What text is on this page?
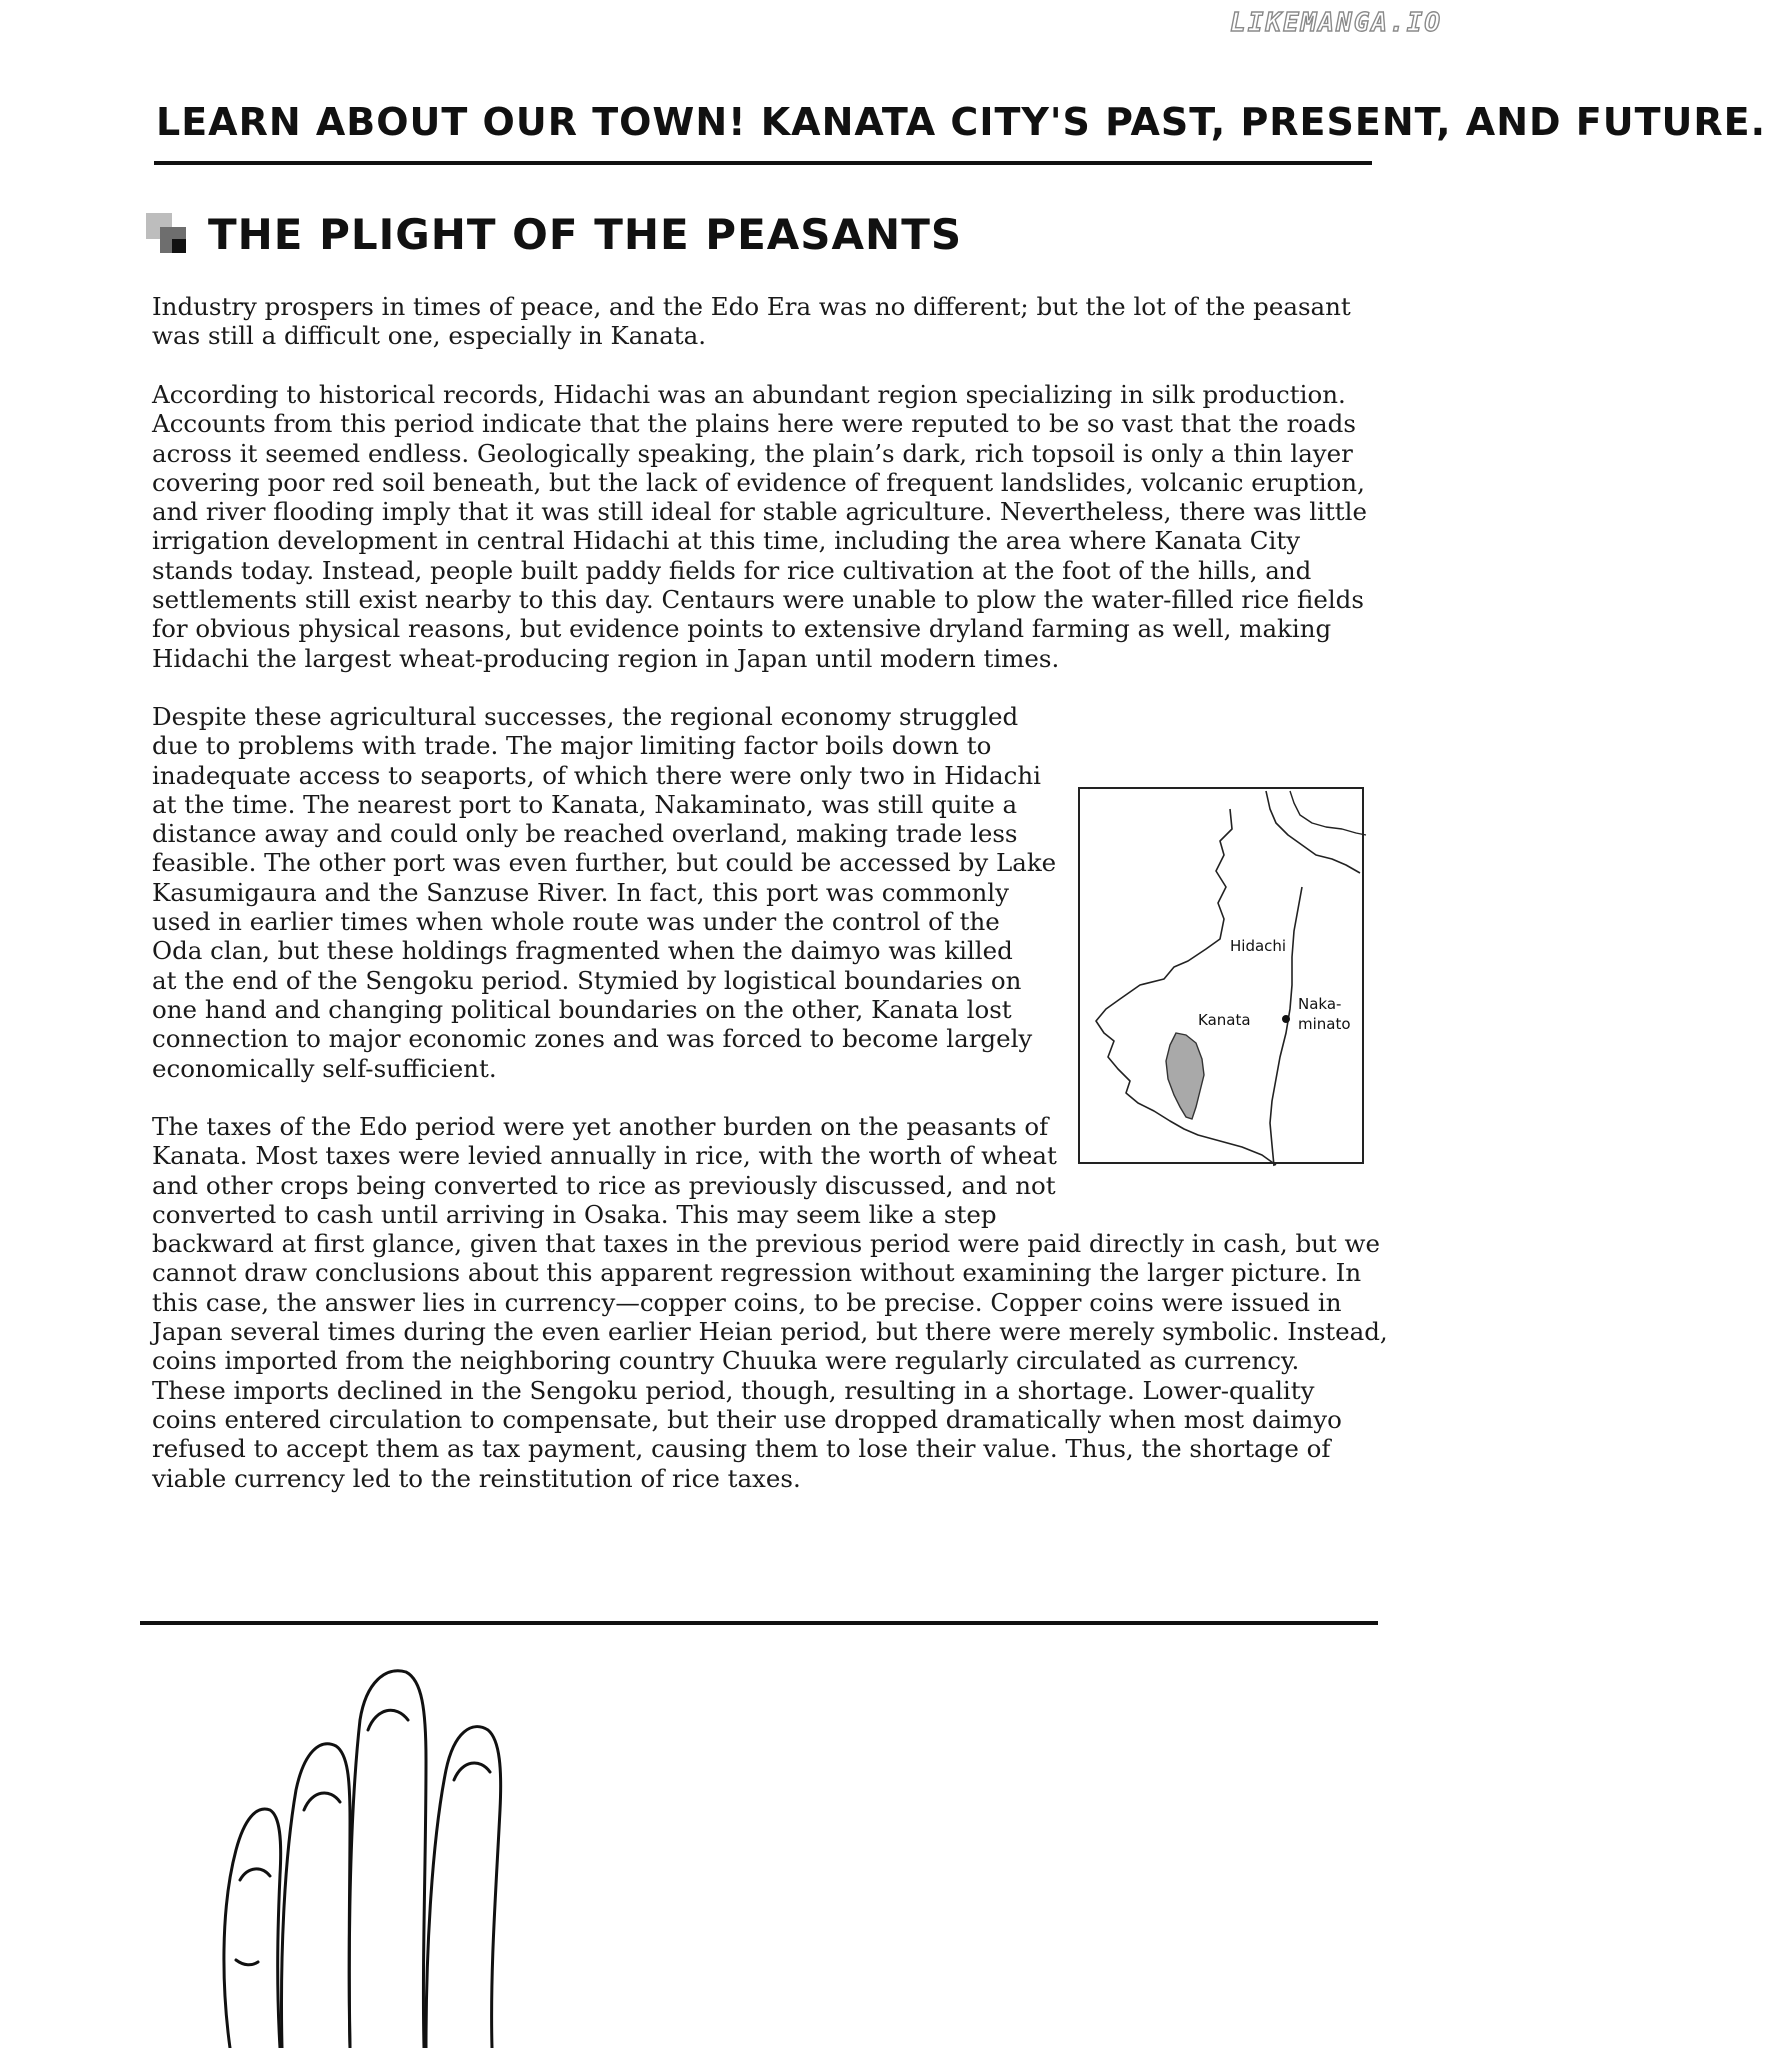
LIKEMANGA.IO
LEARN ABOUT OUR TOWN! KANATA CITY'S PAST, PRESENT, AND FUTURE.
THE PLIGHT OF THE PEASANTS

Industry prospers in times of peace, and the Edo Era was no different; but the lot of the peasant
was still a difficult one, especially in Kanata.

According to historical records, Hidachi was an abundant region specializing in silk production.
Accounts from this period indicate that the plains here were reputed to be so vast that the roads
across it seemed endless. Geologically speaking, the plain’s dark, rich topsoil is only a thin layer
covering poor red soil beneath, but the lack of evidence of frequent landslides, volcanic eruption,
and river flooding imply that it was still ideal for stable agriculture. Nevertheless, there was little
irrigation development in central Hidachi at this time, including the area where Kanata City
stands today. Instead, people built paddy fields for rice cultivation at the foot of the hills, and
settlements still exist nearby to this day. Centaurs were unable to plow the water-filled rice fields
for obvious physical reasons, but evidence points to extensive dryland farming as well, making
Hidachi the largest wheat-producing region in Japan until modern times.

Despite these agricultural successes, the regional economy struggled
due to problems with trade. The major limiting factor boils down to
inadequate access to seaports, of which there were only two in Hidachi
at the time. The nearest port to Kanata, Nakaminato, was still quite a
distance away and could only be reached overland, making trade less
feasible. The other port was even further, but could be accessed by Lake
Kasumigaura and the Sanzuse River. In fact, this port was commonly
used in earlier times when whole route was under the control of the
Oda clan, but these holdings fragmented when the daimyo was killed
at the end of the Sengoku period. Stymied by logistical boundaries on
one hand and changing political boundaries on the other, Kanata lost
connection to major economic zones and was forced to become largely
economically self-sufficient.

The taxes of the Edo period were yet another burden on the peasants of
Kanata. Most taxes were levied annually in rice, with the worth of wheat
and other crops being converted to rice as previously discussed, and not
converted to cash until arriving in Osaka. This may seem like a step
backward at first glance, given that taxes in the previous period were paid directly in cash, but we
cannot draw conclusions about this apparent regression without examining the larger picture. In
this case, the answer lies in currency—copper coins, to be precise. Copper coins were issued in
Japan several times during the even earlier Heian period, but there were merely symbolic. Instead,
coins imported from the neighboring country Chuuka were regularly circulated as currency.
These imports declined in the Sengoku period, though, resulting in a shortage. Lower-quality
coins entered circulation to compensate, but their use dropped dramatically when most daimyo
refused to accept them as tax payment, causing them to lose their value. Thus, the shortage of
viable currency led to the reinstitution of rice taxes.

Hidachi
Kanata
Naka-
minato
